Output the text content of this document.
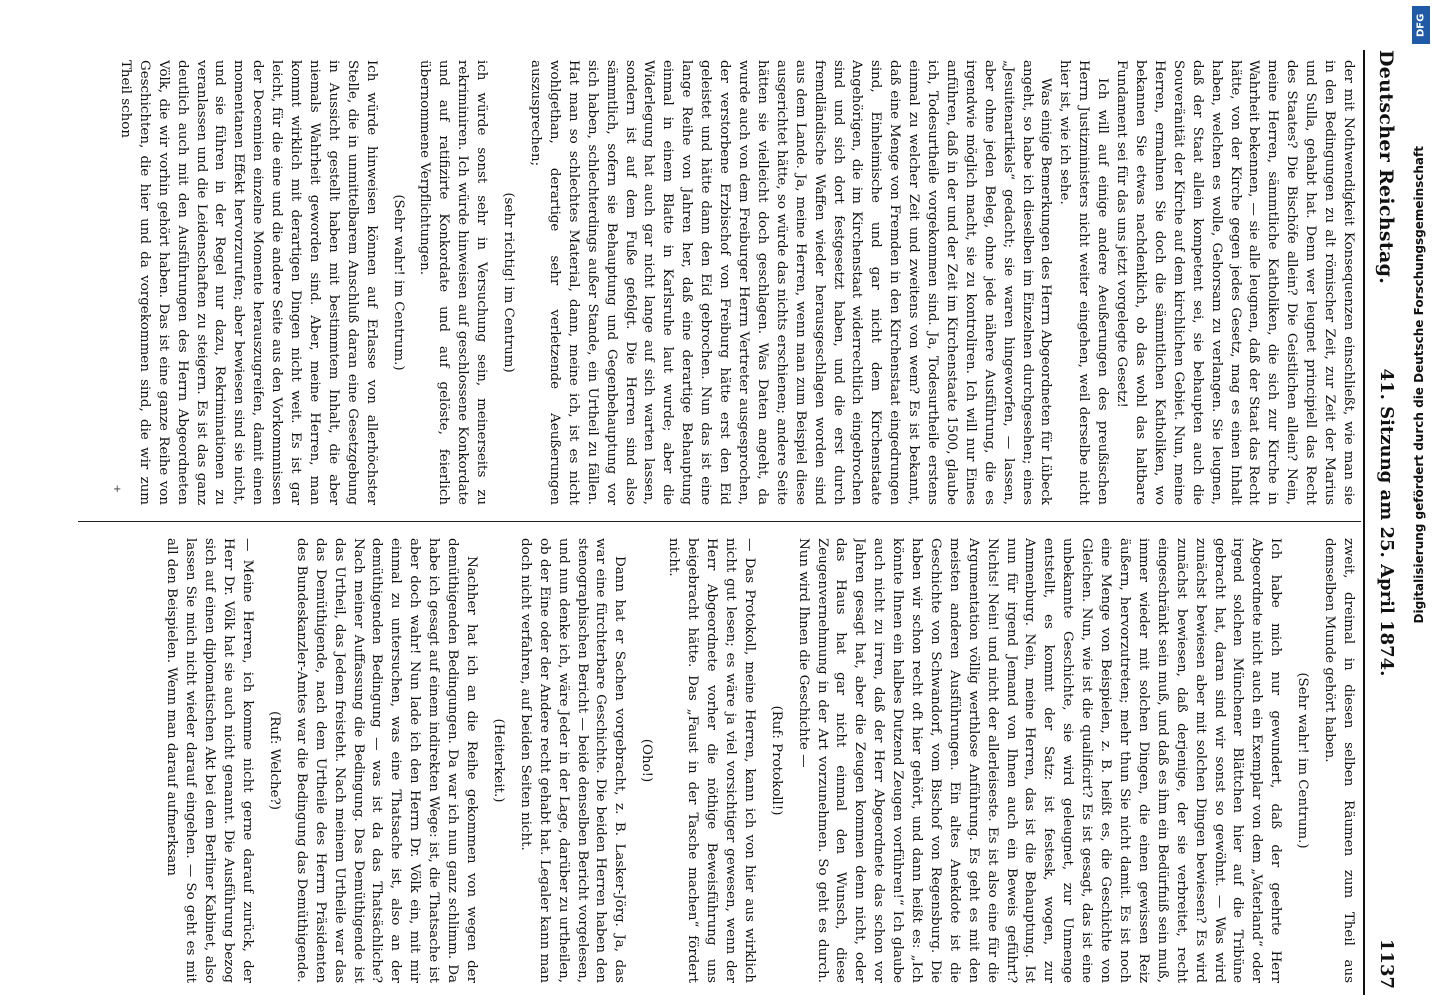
Deutscher Reichstag.
41. Sitzung am 25. April 1874.
1137

der mit Nothwendigkeit Konsequenzen einschließt, wie man sie in den Bedingungen zu alt römischer Zeit, zur Zeit der Marius und Sulla, gehabt hat. Denn wer leugnet principiell das Recht des Staates? Die Bischöfe allein? Die Geistlichen allein? Nein, meine Herren, sämmtliche Katholiken, die sich zur Kirche in Wahrheit bekennen, — sie alle leugnen, daß der Staat das Recht hätte, von der Kirche gegen jedes Gesetz, mag es einen Inhalt haben, welchen es wolle, Gehorsam zu verlangen. Sie leugnen, daß der Staat allein kompetent sei, sie behaupten auch die Souveränität der Kirche auf dem kirchlichen Gebiet. Nun, meine Herren, ermahnen Sie doch die sämmtlichen Katholiken, wo bekannen Sie etwas nachdenklich, ob das wohl das haltbare Fundament sei für das uns jetzt vorgelegte Gesetz!

Ich will auf einige andere Aeußerungen des preußischen Herrn Justizministers nicht weiter eingehen, weil derselbe nicht hier ist, wie ich sehe.

Was einige Bemerkungen des Herrn Abgeordneten für Lübeck angeht, so habe ich dieselben im Einzelnen durchgesehen; eines „Jesuitenartikels“ gedacht; sie waren hingeworfen, — lassen, aber ohne jeden Beleg, ohne jede nähere Ausführung, die es irgendwie möglich macht, sie zu kontroliren. Ich will nur Eines anführen, daß in der und der Zeit im Kirchenstaate 1500, glaube ich, Todesurtheile vorgekommen sind. Ja, Todesurtheile erstens einmal zu welcher Zeit und zweitens von wem? Es ist bekannt, daß eine Menge von Fremden in den Kirchenstaat eingedrungen sind, Einheimische und gar nicht dem Kirchenstaate Angehörigen, die im Kirchenstaat widerrechtlich eingebrochen sind und sich dort festgesetzt haben, und die erst durch fremdländische Waffen wieder herausgeschlagen worden sind aus dem Lande. Ja, meine Herren, wenn man zum Beispiel diese ausgerichtet hätte, so würde das nichts erschienen; andere Seite hätten sie vielleicht doch geschlagen. Was Daten angeht, da wurde auch von dem Freiburger Herrn Vertreter ausgesprochen, der verstorbene Erzbischof von Freiburg hätte erst den Eid geleistet und hätte dann den Eid gebrochen. Nun das ist eine lange Reihe von Jahren her, daß eine derartige Behauptung einmal in einem Blatte in Karlsruhe laut wurde; aber die Widerlegung hat auch gar nicht lange auf sich warten lassen, sondern ist auf dem Fuße gefolgt. Die Herren sind also sämmtlich, sofern sie Behauptung und Gegenbehauptung vor sich haben, schlechterdings außer Stande, ein Urtheil zu fällen. Hat man so schlechtes Material, dann, meine ich, ist es nicht wohlgethan, derartige sehr verletzende Aeußerungen auszusprechen;

(sehr richtig! im Centrum)

ich würde sonst sehr in Versuchung sein, meinerseits zu rekriminiren. Ich würde hinweisen auf geschlossene Konkordate und auf ratifizirte Konkordate und auf gelöste, feierlich übernommene Verpflichtungen.

(Sehr wahr! im Centrum.)

Ich würde hinweisen können auf Erlasse von allerhöchster Stelle, die in unmittelbarem Anschluß daran eine Gesetzgebung in Aussicht gestellt haben mit bestimmtem Inhalt, die aber niemals Wahrheit geworden sind. Aber, meine Herren, man kommt wirklich mit derartigen Dingen nicht weit. Es ist gar leicht, für die eine und die andere Seite aus den Vorkommnissen der Decennien einzelne Momente herauszugreifen, damit einen momentanen Effekt hervorzurufen; aber bewiesen sind sie nicht, und sie führen in der Regel nur dazu, Rekriminationen zu veranlassen und die Leidenschaften zu steigern. Es ist das ganz deutlich auch mit den Ausführungen des Herrn Abgeordneten Völk, die wir vorhin gehört haben. Das ist eine ganze Reihe von Geschichten, die hier und da vorgekommen sind, die wir zum Theil schon

zweit, dreimal in diesen selben Räumen zum Theil aus demselben Munde gehört haben.

(Sehr wahr! im Centrum.)

Ich habe mich nur gewundert, daß der geehrte Herr Abgeordnete nicht auch ein Exemplar von dem „Vaterland“ oder irgend solchen Münchener Blättchen hier auf die Tribüne gebracht hat, daran sind wir sonst so gewöhnt. — Was wird zunächst bewiesen aber mit solchen Dingen bewiesen? Es wird zunächst bewiesen, daß derjenige, der sie verbreitet, recht eingeschränkt sein muß, und daß es ihm ein Bedürfniß sein muß, immer wieder mit solchen Dingen, die einen gewissen Reiz äußern, hervorzutreten; mehr thun Sie nicht damit. Es ist noch eine Menge von Beispielen, z. B. heißt es, die Geschichte von Gleichen. Nun, wie ist die qualificirt? Es ist gesagt, das ist eine unbekannte Geschichte, sie wird geleugnet, zur Unmenge entstellt, es kommt der Satz: ist festesk, wogen, zur Ammenburg. Nein, meine Herren, das ist die Behauptung. Ist nun für irgend Jemand von Ihnen auch ein Beweis geführt? Nichts! Nein! und nicht der allerleiseste. Es ist also eine für die Argumentation völlig werthlose Anführung. Es geht es mit den meisten anderen Ausführungen. Ein altes Anekdote ist die Geschichte von Schwandorf, vom Bischof von Regensburg. Die haben wir schon recht oft hier gehört, und dann heißt es: „Ich könnte Ihnen ein halbes Dutzend Zeugen vorführen!“ Ich glaube auch nicht zu irren, daß der Herr Abgeordnete das schon vor Jahren gesagt hat, aber die Zeugen kommen denn nicht, oder das Haus hat gar nicht einmal den Wunsch, diese Zeugenvernehmung in der Art vorzunehmen. So geht es durch. Nun wird Ihnen die Geschichte —

(Ruf: Protokoll!)

— Das Protokoll, meine Herren, kann ich von hier aus wirklich nicht gut lesen; es wäre ja viel vorsichtiger gewesen, wenn der Herr Abgeordnete vorher die nöthige Beweisführung uns beigebracht hätte. Das „Faust in der Tasche machen“ fördert nicht.

(Oho!)

Dann hat er Sachen vorgebracht, z. B. Lasker-Jörg. Ja, das war eine fürchterbare Geschichte. Die beiden Herren haben den stenographischen Bericht — beide denselben Bericht vorgelesen, und nun denke ich, wäre Jeder in der Lage, darüber zu urtheilen, ob der Eine oder der Andere recht gehabt hat. Legaler kann man doch nicht verfahren, auf beiden Seiten nicht.

(Heiterkeit.)

Nachher hat ich an die Reihe gekommen von wegen der demüthigenden Bedingungen. Da war ich nun ganz schlimm. Da habe ich gesagt auf einem indirekten Wege: ist, die Thatsache ist aber doch wahr! Nun lade ich den Herrn Dr. Völk ein, mit mir einmal zu untersuchen, was eine Thatsache ist, also an der demüthigenden Bedingung — was ist da das Thatsächliche? Nach meiner Auffassung die Bedingung. Das Demüthigende ist das Urtheil, das Jedem freisteht. Nach meinem Urtheile war das das Demüthigende, nach dem Urtheile des Herrn Präsidenten des Bundeskanzler-Amtes war die Bedingung das Demüthigende.

(Ruf: Welche?)

— Meine Herren, ich komme nicht gerne darauf zurück, der Herr Dr. Völk hat sie auch nicht genannt. Die Ausführung bezog sich auf einen diplomatischen Akt bei dem Berliner Kabinet, also lassen Sie mich nicht wieder darauf eingehen. — So geht es mit all den Beispielen. Wenn man darauf aufmerksam

+
DFG
Digitalisierung gefördert durch die Deutsche Forschungsgemeinschaft
